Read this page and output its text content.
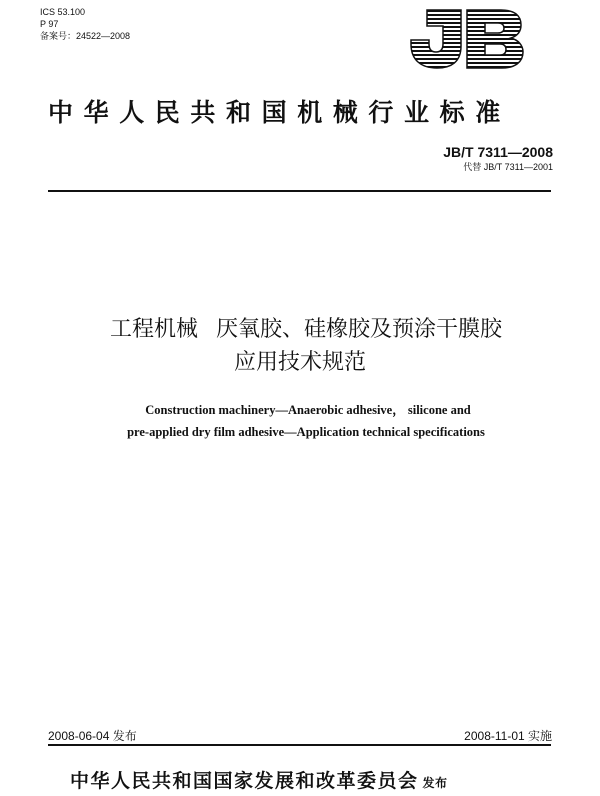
ICS 53.100
P 97
备案号：24522—2008
JB
中华人民共和国机械行业标准
JB/T 7311—2008
代替 JB/T 7311—2001
工程机械 厌氧胶、硅橡胶及预涂干膜胶
应用技术规范
Construction machinery—Anaerobic adhesive， silicone and
pre-applied dry film adhesive—Application technical specifications
2008-06-04 发布	2008-11-01 实施
中华人民共和国国家发展和改革委员会 发布
